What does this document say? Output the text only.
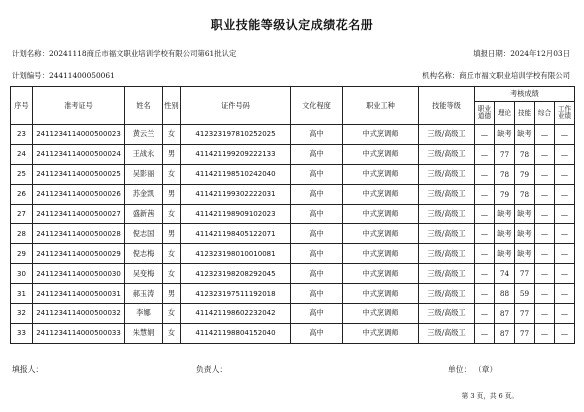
职业技能等级认定成绩花名册
计划名称：20241118商丘市福文职业培训学校有限公司第61批认定	填报日期：2024年12月03日
计划编号：24411400050061	机构名称：商丘市福文职业培训学校有限公司
序号	准考证号	姓名	性别	证件号码	文化程度	职业工种	技能等级	考核成绩				
								职业道德	理论	技能	综合	工作业绩
23	2411234114000500023	黄云兰	女	412323197810252025	高中	中式烹调师	三级/高级工	—	缺考	缺考	—	—
24	2411234114000500024	王战永	男	411421199209222133	高中	中式烹调师	三级/高级工	—	77	78	—	—
25	2411234114000500025	吴影丽	女	411421198510242040	高中	中式烹调师	三级/高级工	—	78	79	—	—
26	2411234114000500026	苏金凯	男	411421199302222031	高中	中式烹调师	三级/高级工	—	79	78	—	—
27	2411234114000500027	盛新茜	女	411421198909102023	高中	中式烹调师	三级/高级工	—	缺考	缺考	—	—
28	2411234114000500028	倪志国	男	411421198405122071	高中	中式烹调师	三级/高级工	—	缺考	缺考	—	—
29	2411234114000500029	倪志梅	女	412323198010010081	高中	中式烹调师	三级/高级工	—	缺考	缺考	—	—
30	2411234114000500030	吴变梅	女	412323198208292045	高中	中式烹调师	三级/高级工	—	74	77	—	—
31	2411234114000500031	郝玉涛	男	412323197511192018	高中	中式烹调师	三级/高级工	—	88	59	—	—
32	2411234114000500032	李娜	女	411421198602232042	高中	中式烹调师	三级/高级工	—	87	77	—	—
33	2411234114000500033	朱慧娟	女	411421198804152040	高中	中式烹调师	三级/高级工	—	87	77	—	—
填报人：	负责人：	单位： （章）
第 3 页，共 6 页。
